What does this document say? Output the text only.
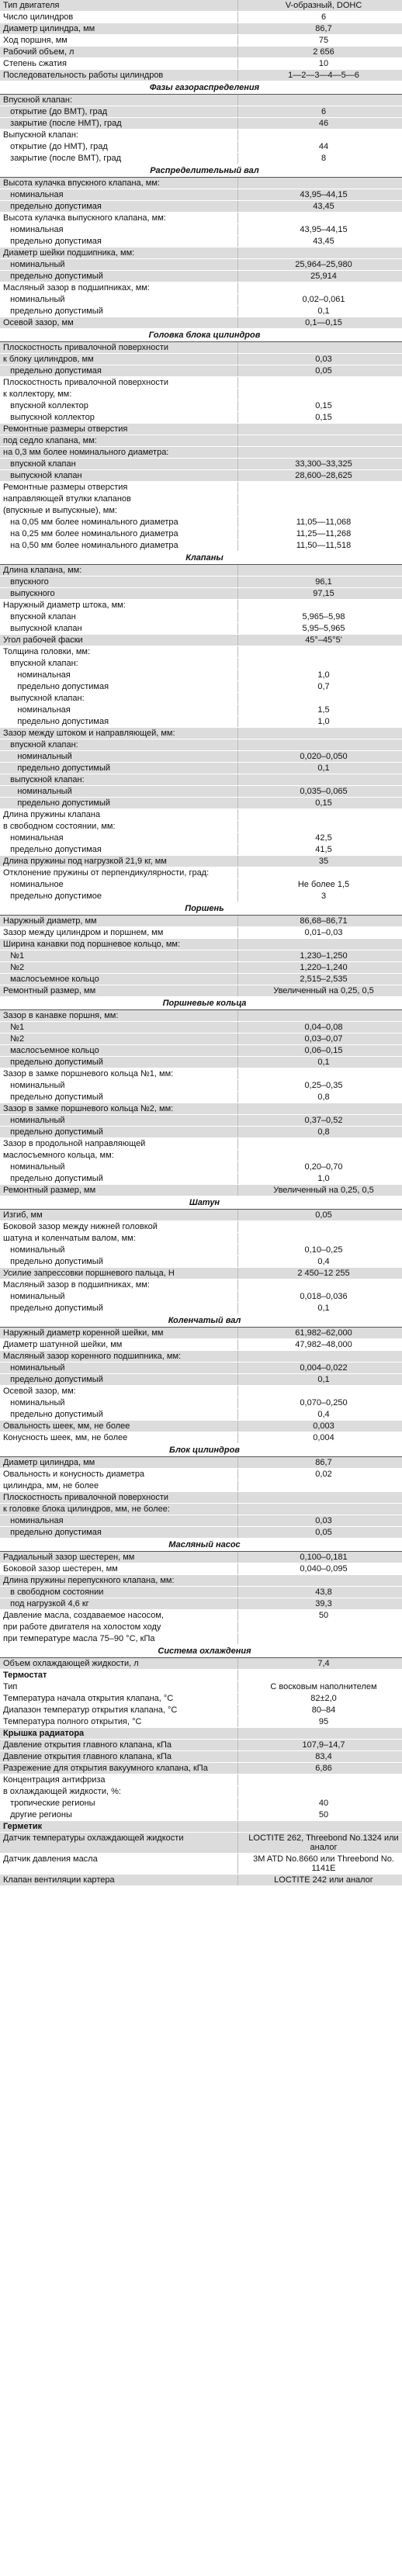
Тип двигателя	V-образный, DOHC
Число цилиндров	6
Диаметр цилиндра, мм	86,7
Ход поршня, мм	75
Рабочий объем, л	2 656
Степень сжатия	10
Последовательность работы цилиндров	1—2—3—4—5—6
Фазы газораспределения	
Впускной клапан:	
открытие (до ВМТ), град	6
закрытие (после НМТ), град	46
Выпускной клапан:	
открытие (до НМТ), град	44
закрытие (после ВМТ), град	8
Распределительный вал	
Высота кулачка впускного клапана, мм:	
номинальная	43,95–44,15
предельно допустимая	43,45
Высота кулачка выпускного клапана, мм:	
номинальная	43,95–44,15
предельно допустимая	43,45
Диаметр шейки подшипника, мм:	
номинальный	25,964–25,980
предельно допустимый	25,914
Масляный зазор в подшипниках, мм:	
номинальный	0,02–0,061
предельно допустимый	0,1
Осевой зазор, мм	0,1—0,15
Головка блока цилиндров	
Плоскостность привалочной поверхности	
к блоку цилиндров, мм	0,03
предельно допустимая	0,05
Плоскостность привалочной поверхности	
к коллектору, мм:	
впускной коллектор	0,15
выпускной коллектор	0,15
Ремонтные размеры отверстия	
под седло клапана, мм:	
на 0,3 мм более номинального диаметра:	
впускной клапан	33,300–33,325
выпускной клапан	28,600–28,625
Ремонтные размеры отверстия	
направляющей втулки клапанов	
(впускные и выпускные), мм:	
на 0,05 мм более номинального диаметра	11,05—11,068
на 0,25 мм более номинального диаметра	11,25—11,268
на 0,50 мм более номинального диаметра	11,50—11,518
Клапаны	
Длина клапана, мм:	
впускного	96,1
выпускного	97,15
Наружный диаметр штока, мм:	
впускной клапан	5,965–5,98
выпускной клапан	5,95–5,965
Угол рабочей фаски	45°–45°5'
Толщина головки, мм:	
впускной клапан:	
номинальная	1,0
предельно допустимая	0,7
выпускной клапан:	
номинальная	1,5
предельно допустимая	1,0
Зазор между штоком и направляющей, мм:	
впускной клапан:	
номинальный	0,020–0,050
предельно допустимый	0,1
выпускной клапан:	
номинальный	0,035–0,065
предельно допустимый	0,15
Длина пружины клапана	
в свободном состоянии, мм:	
номинальная	42,5
предельно допустимая	41,5
Длина пружины под нагрузкой 21,9 кг, мм	35
Отклонение пружины от перпендикулярности, град:	
номинальное	Не более 1,5
предельно допустимое	3
Поршень	
Наружный диаметр, мм	86,68–86,71
Зазор между цилиндром и поршнем, мм	0,01–0,03
Ширина канавки под поршневое кольцо, мм:	
№1	1,230–1,250
№2	1,220–1,240
маслосъемное кольцо	2,515–2,535
Ремонтный размер, мм	Увеличенный на 0,25, 0,5
Поршневые кольца	
Зазор в канавке поршня, мм:	
№1	0,04–0,08
№2	0,03–0,07
маслосъемное кольцо	0,06–0,15
предельно допустимый	0,1
Зазор в замке поршневого кольца №1, мм:	
номинальный	0,25–0,35
предельно допустимый	0,8
Зазор в замке поршневого кольца №2, мм:	
номинальный	0,37–0,52
предельно допустимый	0,8
Зазор в продольной направляющей	
маслосъемного кольца, мм:	
номинальный	0,20–0,70
предельно допустимый	1,0
Ремонтный размер, мм	Увеличенный на 0,25, 0,5
Шатун	
Изгиб, мм	0,05
Боковой зазор между нижней головкой	
шатуна и коленчатым валом, мм:	
номинальный	0,10–0,25
предельно допустимый	0,4
Усилие запрессовки поршневого пальца, Н	2 450–12 255
Масляный зазор в подшипниках, мм:	
номинальный	0,018–0,036
предельно допустимый	0,1
Коленчатый вал	
Наружный диаметр коренной шейки, мм	61,982–62,000
Диаметр шатунной шейки, мм	47,982–48,000
Масляный зазор коренного подшипника, мм:	
номинальный	0,004–0,022
предельно допустимый	0,1
Осевой зазор, мм:	
номинальный	0,070–0,250
предельно допустимый	0,4
Овальность шеек, мм, не более	0,003
Конусность шеек, мм, не более	0,004
Блок цилиндров	
Диаметр цилиндра, мм	86,7
Овальность и конусность диаметра	0,02
цилиндра, мм, не более	
Плоскостность привалочной поверхности	
к головке блока цилиндров, мм, не более:	
номинальная	0,03
предельно допустимая	0,05
Масляный насос	
Радиальный зазор шестерен, мм	0,100–0,181
Боковой зазор шестерен, мм	0,040–0,095
Длина пружины перепускного клапана, мм:	
в свободном состоянии	43,8
под нагрузкой 4,6 кг	39,3
Давление масла, создаваемое насосом,	50
при работе двигателя на холостом ходу	
при температуре масла 75–90 °С, кПа	
Система охлаждения	
Объем охлаждающей жидкости, л	7,4
Термостат	
Тип	С восковым наполнителем
Температура начала открытия клапана, °С	82±2,0
Диапазон температур открытия клапана, °С	80–84
Температура полного открытия, °С	95
Крышка радиатора	
Давление открытия главного клапана, кПа	107,9–14,7
Давление открытия главного клапана, кПа	83,4
Разрежение для открытия вакуумного клапана, кПа	6,86
Концентрация антифриза	
в охлаждающей жидкости, %:	
тропические регионы	40
другие регионы	50
Герметик	
Датчик температуры охлаждающей жидкости	LOCTITE 262, Threebond No.1324 или аналог
Датчик давления масла	3M ATD No.8660 или Threebond No. 1141E
Клапан вентиляции картера	LOCTITE 242 или аналог
